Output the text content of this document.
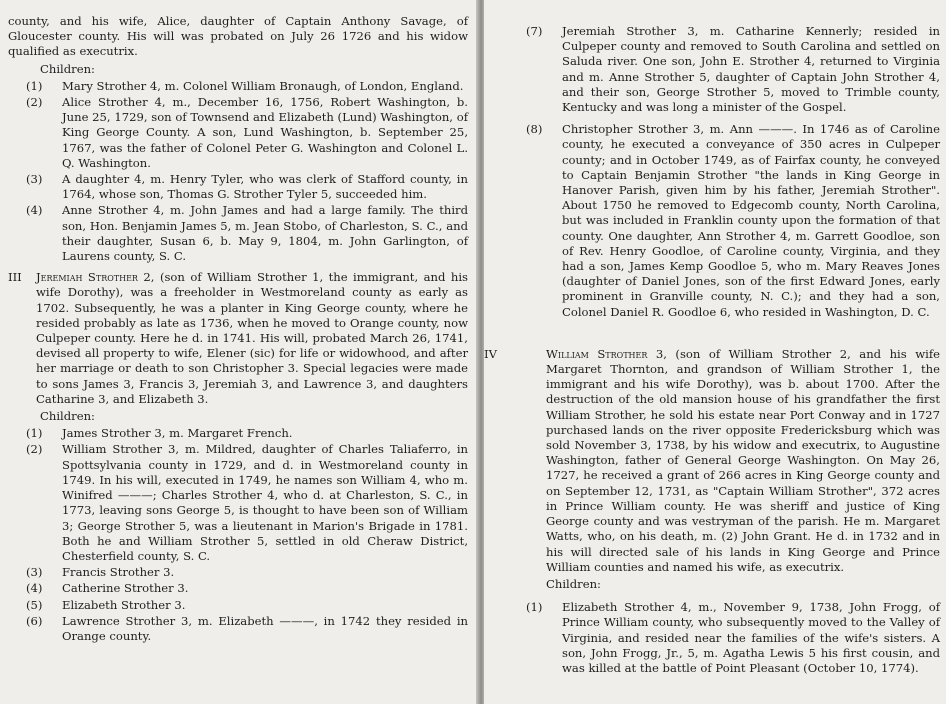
county, and his wife, Alice, daughter of Captain Anthony Savage, of Gloucester county. His will was probated on July 26 1726 and his widow qualified as executrix.

Children:
(1) Mary Strother 4, m. Colonel William Bronaugh, of London, England.
(2) Alice Strother 4, m., December 16, 1756, Robert Washington, b. June 25, 1729, son of Townsend and Elizabeth (Lund) Washington, of King George County. A son, Lund Washington, b. September 25, 1767, was the father of Colonel Peter G. Washington and Colonel L. Q. Washington.
(3) A daughter 4, m. Henry Tyler, who was clerk of Stafford county, in 1764, whose son, Thomas G. Strother Tyler 5, succeeded him.
(4) Anne Strother 4, m. John James and had a large family. The third son, Hon. Benjamin James 5, m. Jean Stobo, of Charleston, S. C., and their daughter, Susan 6, b. May 9, 1804, m. John Garlington, of Laurens county, S. C.
III Jeremiah Strother 2, (son of William Strother 1, the immigrant, and his wife Dorothy), was a freeholder in Westmoreland county as early as 1702. Subsequently, he was a planter in King George county, where he resided probably as late as 1736, when he moved to Orange county, now Culpeper county. Here he d. in 1741. His will, probated March 26, 1741, devised all property to wife, Elener (sic) for life or widowhood, and after her marriage or death to son Christopher 3. Special legacies were made to sons James 3, Francis 3, Jeremiah 3, and Lawrence 3, and daughters Catharine 3, and Elizabeth 3.

Children:
(1) James Strother 3, m. Margaret French.
(2) William Strother 3, m. Mildred, daughter of Charles Taliaferro, in Spottsylvania county in 1729, and d. in Westmoreland county in 1749. In his will, executed in 1749, he names son William 4, who m. Winifred ———; Charles Strother 4, who d. at Charleston, S. C., in 1773, leaving sons George 5, is thought to have been son of William 3; George Strother 5, was a lieutenant in Marion's Brigade in 1781. Both he and William Strother 5, settled in old Cheraw District, Chesterfield county, S. C.
(3) Francis Strother 3.
(4) Catherine Strother 3.
(5) Elizabeth Strother 3.
(6) Lawrence Strother 3, m. Elizabeth ———, in 1742 they resided in Orange county.
(7) Jeremiah Strother 3, m. Catharine Kennerly; resided in Culpeper county and removed to South Carolina and settled on Saluda river. One son, John E. Strother 4, returned to Virginia and m. Anne Strother 5, daughter of Captain John Strother 4, and their son, George Strother 5, moved to Trimble county, Kentucky and was long a minister of the Gospel.
(8) Christopher Strother 3, m. Ann ———. In 1746 as of Caroline county, he executed a conveyance of 350 acres in Culpeper county; and in October 1749, as of Fairfax county, he conveyed to Captain Benjamin Strother "the lands in King George in Hanover Parish, given him by his father, Jeremiah Strother". About 1750 he removed to Edgecomb county, North Carolina, but was included in Franklin county upon the formation of that county. One daughter, Ann Strother 4, m. Garrett Goodloe, son of Rev. Henry Goodloe, of Caroline county, Virginia, and they had a son, James Kemp Goodloe 5, who m. Mary Reaves Jones (daughter of Daniel Jones, son of the first Edward Jones, early prominent in Granville county, N. C.); and they had a son, Colonel Daniel R. Goodloe 6, who resided in Washington, D. C.
IV	William Strother 3, (son of William Strother 2, and his wife Margaret Thornton, and grandson of William Strother 1, the immigrant and his wife Dorothy), was b. about 1700. After the destruction of the old mansion house of his grandfather the first William Strother, he sold his estate near Port Conway and in 1727 purchased lands on the river opposite Fredericksburg which was sold November 3, 1738, by his widow and executrix, to Augustine Washington, father of General George Washington. On May 26, 1727, he received a grant of 266 acres in King George county and on September 12, 1731, as "Captain William Strother", 372 acres in Prince William county. He was sheriff and justice of King George county and was vestryman of the parish. He m. Margaret Watts, who, on his death, m. (2) John Grant. He d. in 1732 and in his will directed sale of his lands in King George and Prince William counties and named his wife, as executrix.

Children:
(1) Elizabeth Strother 4, m., November 9, 1738, John Frogg, of Prince William county, who subsequently moved to the Valley of Virginia, and resided near the families of the wife's sisters. A son, John Frogg, Jr., 5, m. Agatha Lewis 5 his first cousin, and was killed at the battle of Point Pleasant (October 10, 1774).
